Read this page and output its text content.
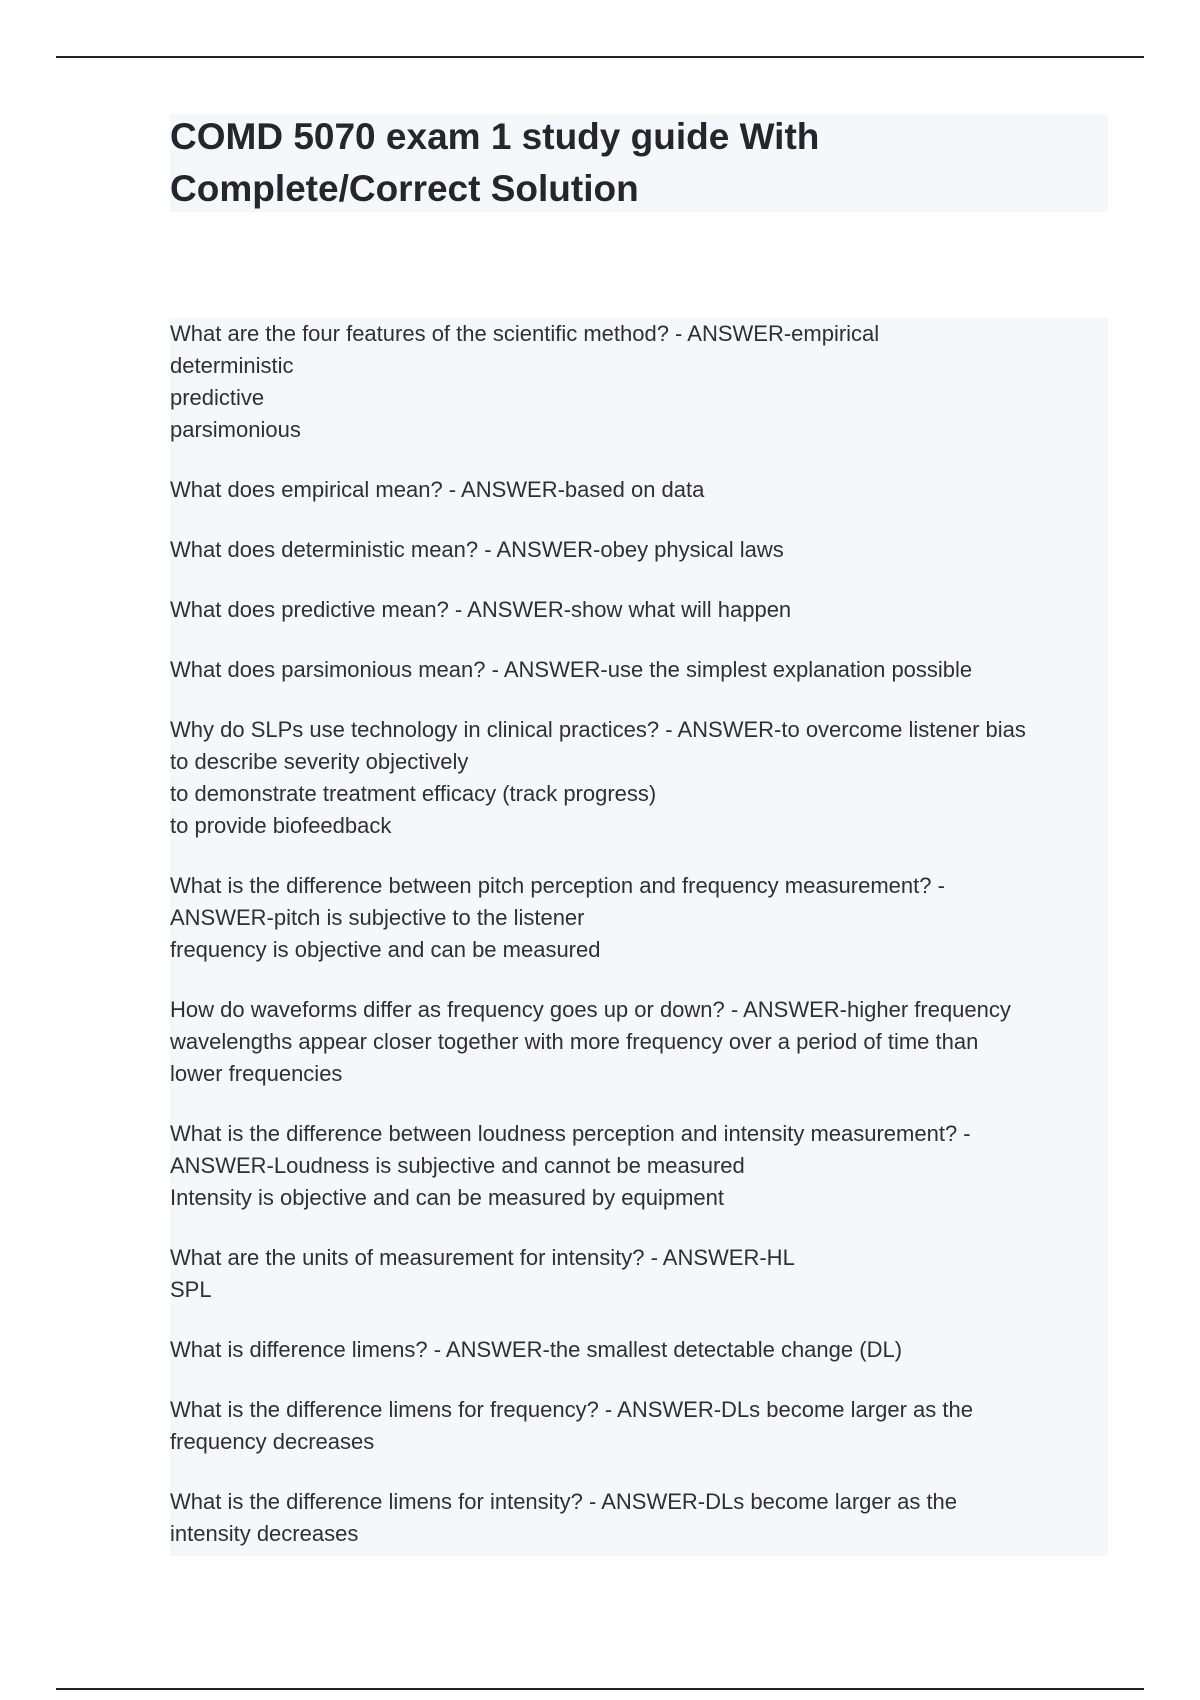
COMD 5070 exam 1 study guide With Complete/Correct Solution
What are the four features of the scientific method? - ANSWER-empirical
deterministic
predictive
parsimonious
What does empirical mean? - ANSWER-based on data
What does deterministic mean? - ANSWER-obey physical laws
What does predictive mean? - ANSWER-show what will happen
What does parsimonious mean? - ANSWER-use the simplest explanation possible
Why do SLPs use technology in clinical practices? - ANSWER-to overcome listener bias
to describe severity objectively
to demonstrate treatment efficacy (track progress)
to provide biofeedback
What is the difference between pitch perception and frequency measurement? -
ANSWER-pitch is subjective to the listener
frequency is objective and can be measured
How do waveforms differ as frequency goes up or down? - ANSWER-higher frequency
wavelengths appear closer together with more frequency over a period of time than
lower frequencies
What is the difference between loudness perception and intensity measurement? -
ANSWER-Loudness is subjective and cannot be measured
Intensity is objective and can be measured by equipment
What are the units of measurement for intensity? - ANSWER-HL
SPL
What is difference limens? - ANSWER-the smallest detectable change (DL)
What is the difference limens for frequency? - ANSWER-DLs become larger as the
frequency decreases
What is the difference limens for intensity? - ANSWER-DLs become larger as the
intensity decreases
